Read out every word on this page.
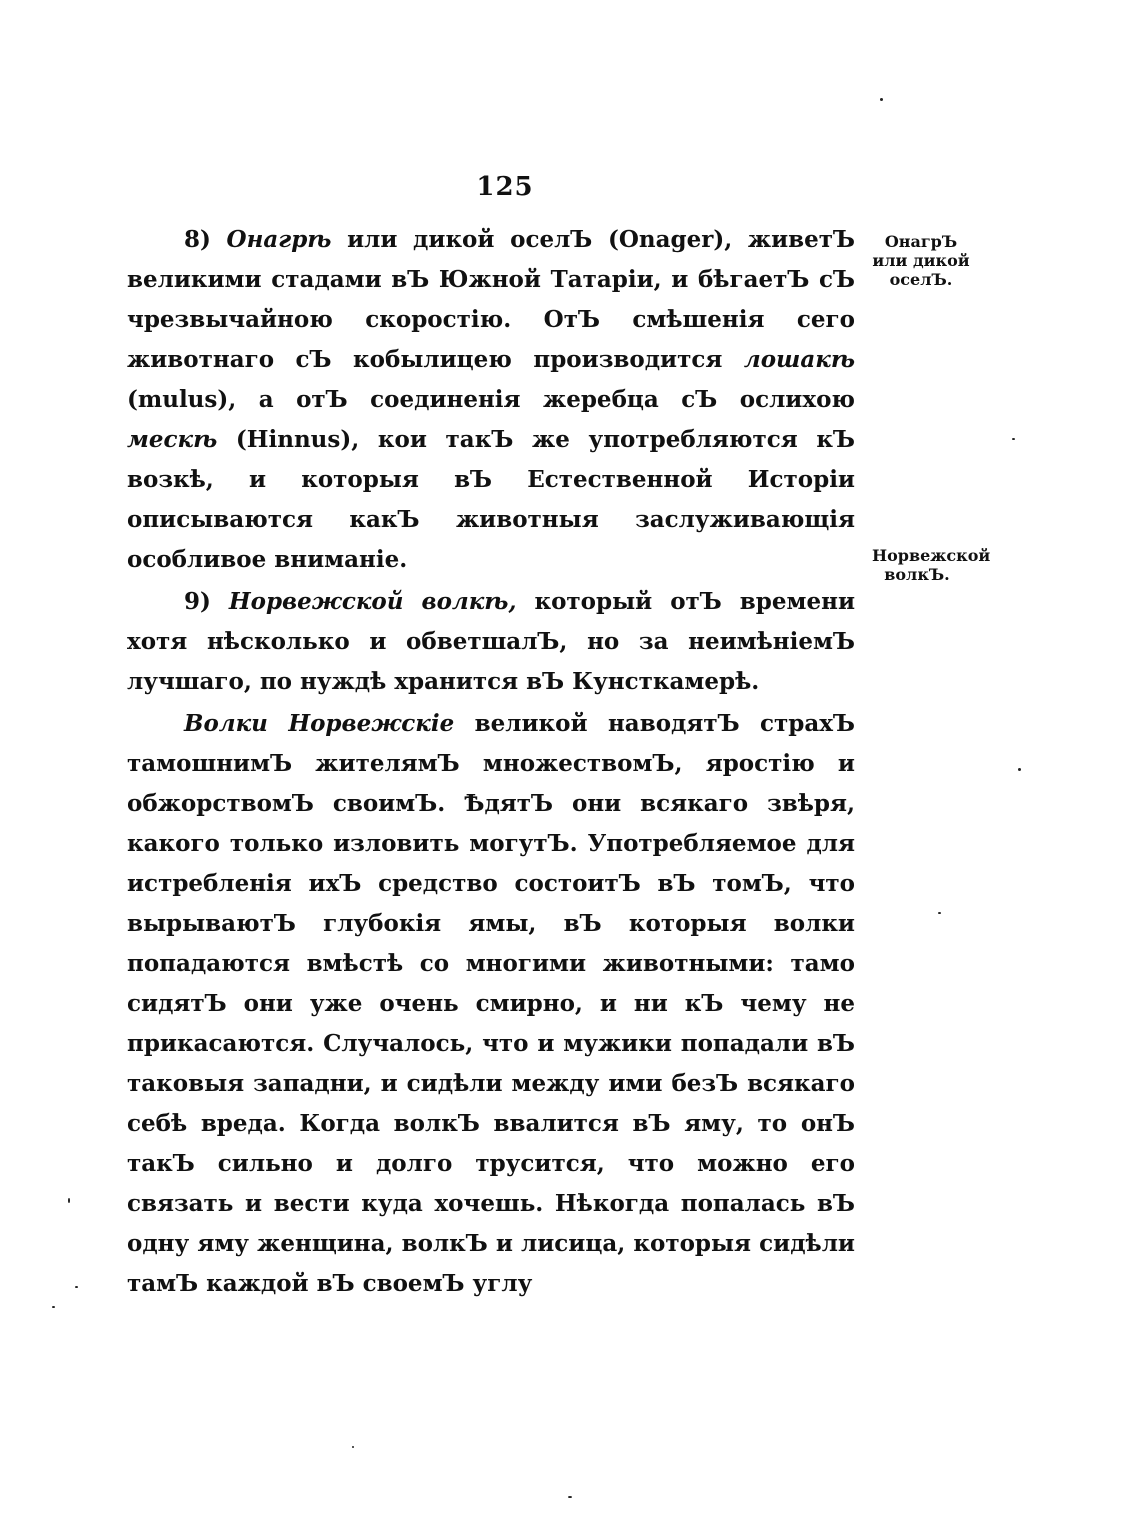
125

8) Онагрѣ или дикой оселЪ (Onager), живетЪ великими стадами вЪ Южной Татаріи, и бѣгаетЪ сЪ чрезвычайною скоростію. ОтЪ смѣшенія сего животнаго сЪ кобылицею производится лошакѣ (mulus), а отЪ соединенія жеребца сЪ ослихою мескѣ (Hinnus), кои такЪ же употребляются кЪ возкѣ, и которыя вЪ Естественной Исторіи описываются какЪ животныя заслуживающія особливое вниманіе.

9) Норвежской волкѣ, который отЪ времени хотя нѣсколько и обветшалЪ, но за неимѣніемЪ лучшаго, по нуждѣ хранится вЪ Кунсткамерѣ.

Волки Норвежскіе великой наводятЪ страхЪ тамошнимЪ жителямЪ множествомЪ, яростію и обжорствомЪ своимЪ. ѢдятЪ они всякаго звѣря, какого только изловить могутЪ. Употребляемое для истребленія ихЪ средство состоитЪ вЪ томЪ, что вырываютЪ глубокія ямы, вЪ которыя волки попадаются вмѣстѣ со многими животными: тамо сидятЪ они уже очень смирно, и ни кЪ чему не прикасаются. Случалось, что и мужики попадали вЪ таковыя западни, и сидѣли между ими безЪ всякаго себѣ вреда. Когда волкЪ ввалится вЪ яму, то онЪ такЪ сильно и долго трусится, что можно его связать и вести куда хочешь. Нѣкогда попалась вЪ одну яму женщина, волкЪ и лисица, которыя сидѣли тамЪ каждой вЪ своемЪ углу

ОнагрЪ или дикой оселЪ.
Норвежской волкЪ.
